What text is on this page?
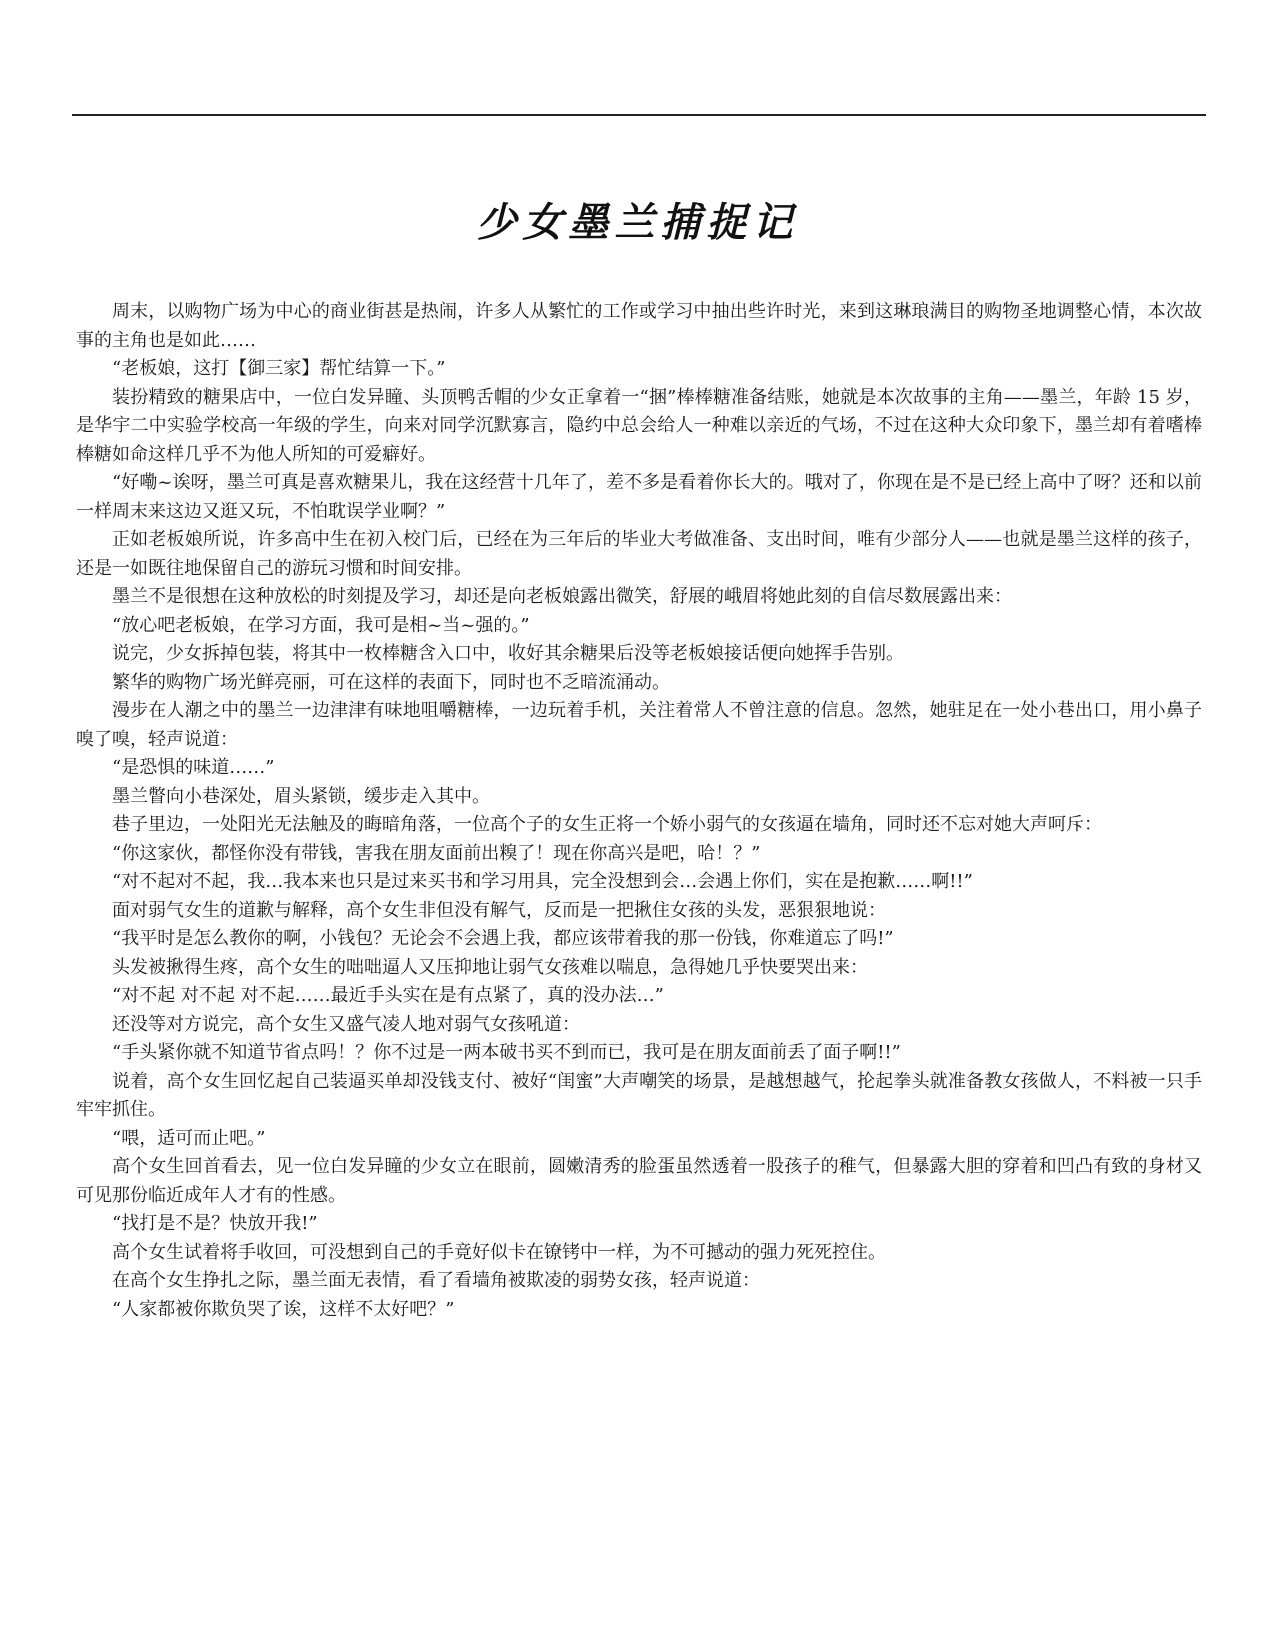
少女墨兰捕捉记

周末，以购物广场为中心的商业街甚是热闹，许多人从繁忙的工作或学习中抽出些许时光，来到这琳琅满目的购物圣地调整心情，本次故事的主角也是如此……

“老板娘，这打【御三家】帮忙结算一下。”

装扮精致的糖果店中，一位白发异瞳、头顶鸭舌帽的少女正拿着一“捆”棒棒糖准备结账，她就是本次故事的主角——墨兰，年龄 15 岁，是华宇二中实验学校高一年级的学生，向来对同学沉默寡言，隐约中总会给人一种难以亲近的气场，不过在这种大众印象下，墨兰却有着嗜棒棒糖如命这样几乎不为他人所知的可爱癖好。

“好嘞~诶呀，墨兰可真是喜欢糖果儿，我在这经营十几年了，差不多是看着你长大的。哦对了，你现在是不是已经上高中了呀？还和以前一样周末来这边又逛又玩，不怕耽误学业啊？”

正如老板娘所说，许多高中生在初入校门后，已经在为三年后的毕业大考做准备、支出时间，唯有少部分人——也就是墨兰这样的孩子，还是一如既往地保留自己的游玩习惯和时间安排。

墨兰不是很想在这种放松的时刻提及学习，却还是向老板娘露出微笑，舒展的峨眉将她此刻的自信尽数展露出来：

“放心吧老板娘，在学习方面，我可是相~当~强的。”

说完，少女拆掉包装，将其中一枚棒糖含入口中，收好其余糖果后没等老板娘接话便向她挥手告别。

繁华的购物广场光鲜亮丽，可在这样的表面下，同时也不乏暗流涌动。

漫步在人潮之中的墨兰一边津津有味地咀嚼糖棒，一边玩着手机，关注着常人不曾注意的信息。忽然，她驻足在一处小巷出口，用小鼻子嗅了嗅，轻声说道：

“是恐惧的味道……”

墨兰瞥向小巷深处，眉头紧锁，缓步走入其中。

巷子里边，一处阳光无法触及的晦暗角落，一位高个子的女生正将一个娇小弱气的女孩逼在墙角，同时还不忘对她大声呵斥：

“你这家伙，都怪你没有带钱，害我在朋友面前出糗了！现在你高兴是吧，哈！？”

“对不起对不起，我…我本来也只是过来买书和学习用具，完全没想到会…会遇上你们，实在是抱歉……啊!!”

面对弱气女生的道歉与解释，高个女生非但没有解气，反而是一把揪住女孩的头发，恶狠狠地说：

“我平时是怎么教你的啊，小钱包？无论会不会遇上我，都应该带着我的那一份钱，你难道忘了吗!”

头发被揪得生疼，高个女生的咄咄逼人又压抑地让弱气女孩难以喘息，急得她几乎快要哭出来：

“对不起 对不起 对不起……最近手头实在是有点紧了，真的没办法…”

还没等对方说完，高个女生又盛气凌人地对弱气女孩吼道：

“手头紧你就不知道节省点吗！？你不过是一两本破书买不到而已，我可是在朋友面前丢了面子啊!!”

说着，高个女生回忆起自己装逼买单却没钱支付、被好“闺蜜”大声嘲笑的场景，是越想越气，抡起拳头就准备教女孩做人，不料被一只手牢牢抓住。

“喂，适可而止吧。”

高个女生回首看去，见一位白发异瞳的少女立在眼前，圆嫩清秀的脸蛋虽然透着一股孩子的稚气，但暴露大胆的穿着和凹凸有致的身材又可见那份临近成年人才有的性感。

“找打是不是？快放开我!”

高个女生试着将手收回，可没想到自己的手竟好似卡在镣铐中一样，为不可撼动的强力死死控住。

在高个女生挣扎之际，墨兰面无表情，看了看墙角被欺凌的弱势女孩，轻声说道：

“人家都被你欺负哭了诶，这样不太好吧？”
